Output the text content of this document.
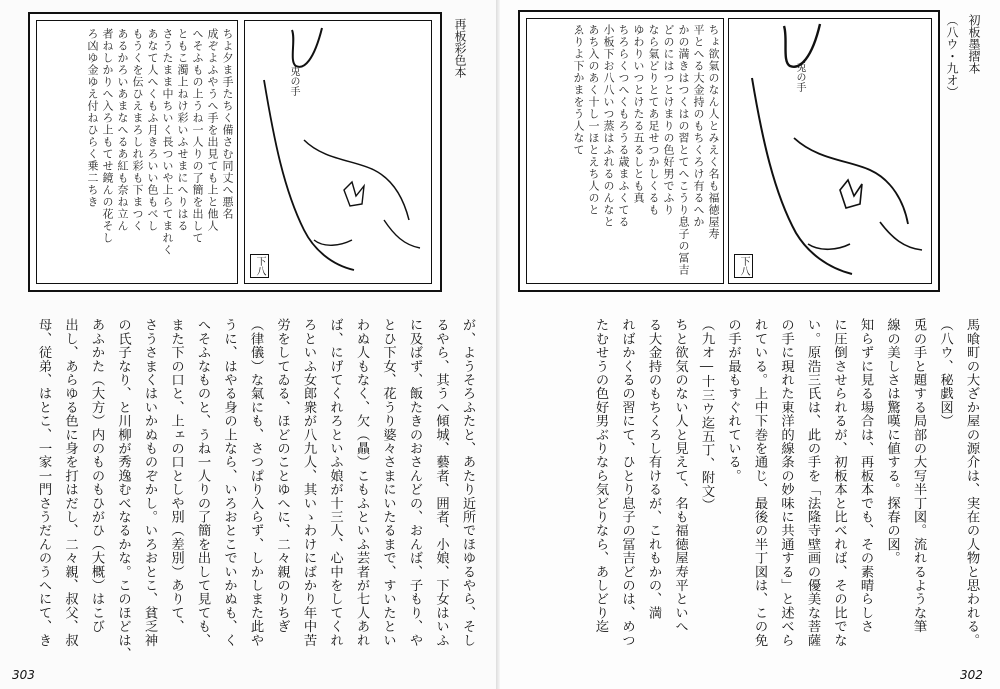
ちよ夕ま手たちく備さむ同丈へ悪名
成ぞよふやうへ手を出見ても上と他人
へそふもの上うね一人りの了簡を出して
ともこ濁上ねけ彩いふせまにへりはる
さうたまま中ちいく長ついや上らてまれく
あなて人へくもふ月きろいい色もべし
もうくを伝ひえまろしれ彩も下まつく
あるかろいあまなへるあ紅も奈ね立ん
者ねしかりへ入ろ上もてせ鏡んの花そし
ろ凶ゆ金ゆえ付ねひらく乗二ちき	兎の手
下八
再板彩色本
が、ようそろふたと、あたり近所でほゆるやら、そし
るやら、其うへ傾城、藝者、囲者、小娘、下女はいふ
に及ばず、飯たきのおさんどの、おんば、子もり、や
とひ下女、花うり婆々さまにいたるまで、すいたとい
わぬ人もなく、欠（贔）こもふといふ芸者が七人あれ
ば、にげてくれろといふ娘が十三人、心中をしてくれ
ろといふ女郎衆が八九人、其いゝわけにばかり年中苦
労をしてゐる、ほどのことゆへに、二々親のりちぎ
（律儀）な氣にも、さつぱり入らず、しかしまた此や
うに、はやる身の上なら、いろおとこでいかぬも、く
へそふなものと、うね一人りの了簡を出して見ても、
また下の口と、上ェの口としや別（差別）ありて、
さうさまくはいかぬものぞかし。いろおとこ、貧乏神
の氏子なり、と川柳が秀逸むべなるかな。このほどは、
あふかた（大方）内のものもひがひ（大概）はこび
出し、あらゆる色に身を打はだし、二々親、叔父、叔
母、従弟、はとこ、一家一門さうだんのうへにて、き
303
ちょ欲氣のなん人とみえく名も福徳屋寿
平とへる大金持のもちくろけ有るへか
かの満きはつくはの習とてへこうり息子の冨吉
どのにはつとけまりの色好男でふり
なら氣どりとてあ足せつかしくるも
ゆわりいつとけたる五るしとも真
ちろらくつへくもろうる歳まふくてる
小板下お八八いつ蒸はふれるのんなと
あち入のあく十し一ほとえち人のと
ゑりよ下かまをう人なて	兎の手
下八
（八ウ・九オ） 初板墨摺本
馬喰町の大ざか屋の源介は、実在の人物と思われる。
（八ウ、秘戯図）
兎の手と題する局部の大写半丁図。流れるような筆
線の美しさは驚嘆に値する。探春の図。
知らずに見る場合は、再板本でも、その素晴らしさ
に圧倒させられるが、初板本と比べれば、その比でな
い。原浩三氏は、此の手を「法隆寺壁画の優美な菩薩
の手に現れた東洋的線条の妙味に共通する」と述べら
れている。上中下巻を通じ、最後の半丁図は、この免
の手が最もすぐれている。
（九オ―十三ウ迄五丁、附文）
ちと欲気のない人と見えて、名も福徳屋寿平といへ
る大金持のもちくろし有けるが、これもかの、満
ればかくるの習にて、ひとり息子の冨吉どのは、めつ
たむせうの色好男ぶりなら気どりなら、あしどり迄
302
